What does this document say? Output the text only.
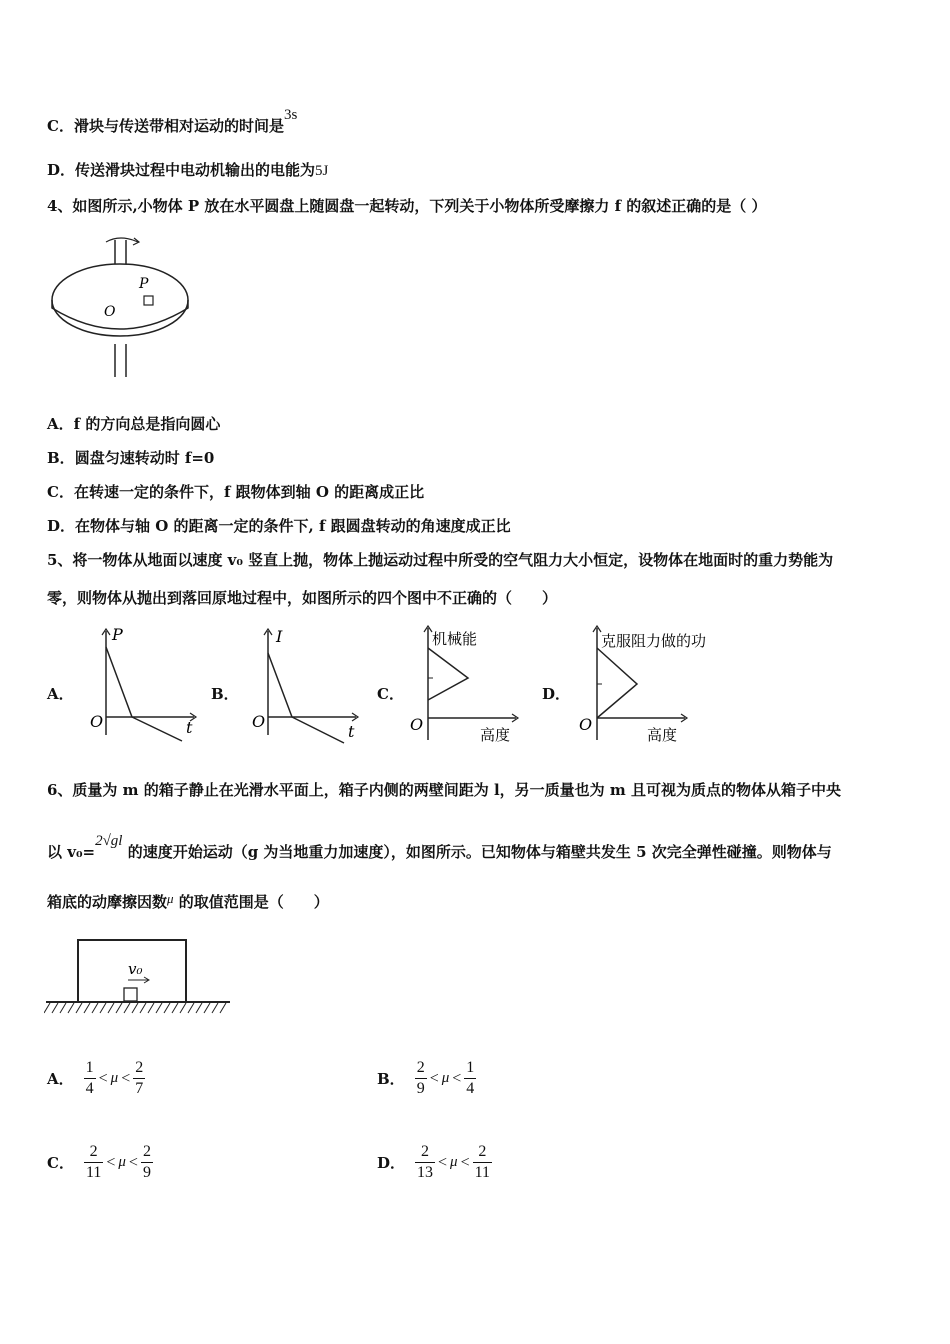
C．滑块与传送带相对运动的时间是3s
D．传送滑块过程中电动机输出的电能为5J
4、如图所示,小物体 P 放在水平圆盘上随圆盘一起转动，下列关于小物体所受摩擦力 f 的叙述正确的是（ ）
P
O
A．f 的方向总是指向圆心
B．圆盘匀速转动时 f=0
C．在转速一定的条件下，f 跟物体到轴 O 的距离成正比
D．在物体与轴 O 的距离一定的条件下, f 跟圆盘转动的角速度成正比
5、将一物体从地面以速度 v₀ 竖直上抛，物体上抛运动过程中所受的空气阻力大小恒定，设物体在地面时的重力势能为
零，则物体从抛出到落回原地过程中，如图所示的四个图中不正确的（　　）
A．
P
t
O
B．
I
t
O
C．
机械能
高度
O
D．
克服阻力做的功
高度
O
6、质量为 m 的箱子静止在光滑水平面上，箱子内侧的两壁间距为 l，另一质量也为 m 且可视为质点的物体从箱子中央
以 v₀=2√gl 的速度开始运动（g 为当地重力加速度），如图所示。已知物体与箱壁共发生 5 次完全弹性碰撞。则物体与
箱底的动摩擦因数μ 的取值范围是（　　）
v₀
A． $\frac{1}{4} < \mu < \frac{2}{7}$	B． $\frac{2}{9} < \mu < \frac{1}{4}$
C． $\frac{2}{11} < \mu < \frac{2}{9}$	D． $\frac{2}{13} < \mu < \frac{2}{11}$
